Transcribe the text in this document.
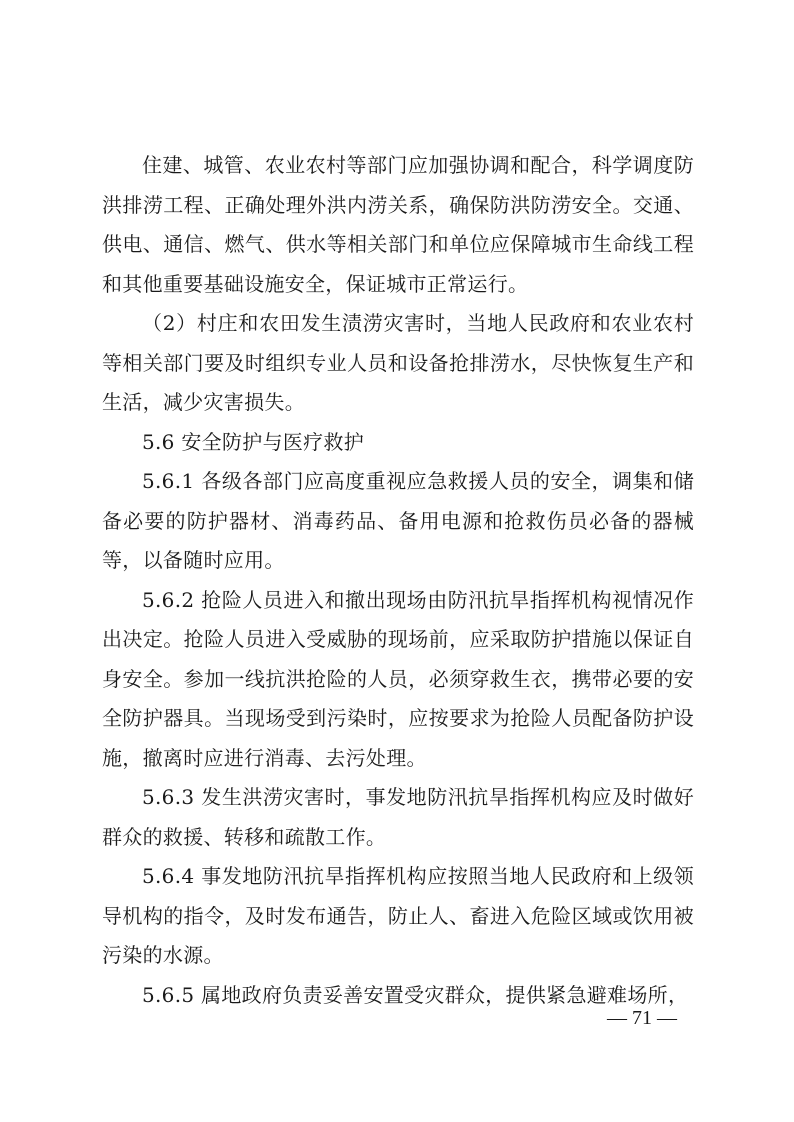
住建、城管、农业农村等部门应加强协调和配合，科学调度防洪排涝工程、正确处理外洪内涝关系，确保防洪防涝安全。交通、供电、通信、燃气、供水等相关部门和单位应保障城市生命线工程和其他重要基础设施安全，保证城市正常运行。

（2）村庄和农田发生渍涝灾害时，当地人民政府和农业农村等相关部门要及时组织专业人员和设备抢排涝水，尽快恢复生产和生活，减少灾害损失。

5.6 安全防护与医疗救护

5.6.1 各级各部门应高度重视应急救援人员的安全，调集和储备必要的防护器材、消毒药品、备用电源和抢救伤员必备的器械等，以备随时应用。

5.6.2 抢险人员进入和撤出现场由防汛抗旱指挥机构视情况作出决定。抢险人员进入受威胁的现场前，应采取防护措施以保证自身安全。参加一线抗洪抢险的人员，必须穿救生衣，携带必要的安全防护器具。当现场受到污染时，应按要求为抢险人员配备防护设施，撤离时应进行消毒、去污处理。

5.6.3 发生洪涝灾害时，事发地防汛抗旱指挥机构应及时做好群众的救援、转移和疏散工作。

5.6.4 事发地防汛抗旱指挥机构应按照当地人民政府和上级领导机构的指令，及时发布通告，防止人、畜进入危险区域或饮用被污染的水源。

5.6.5 属地政府负责妥善安置受灾群众，提供紧急避难场所，

— 71 —
